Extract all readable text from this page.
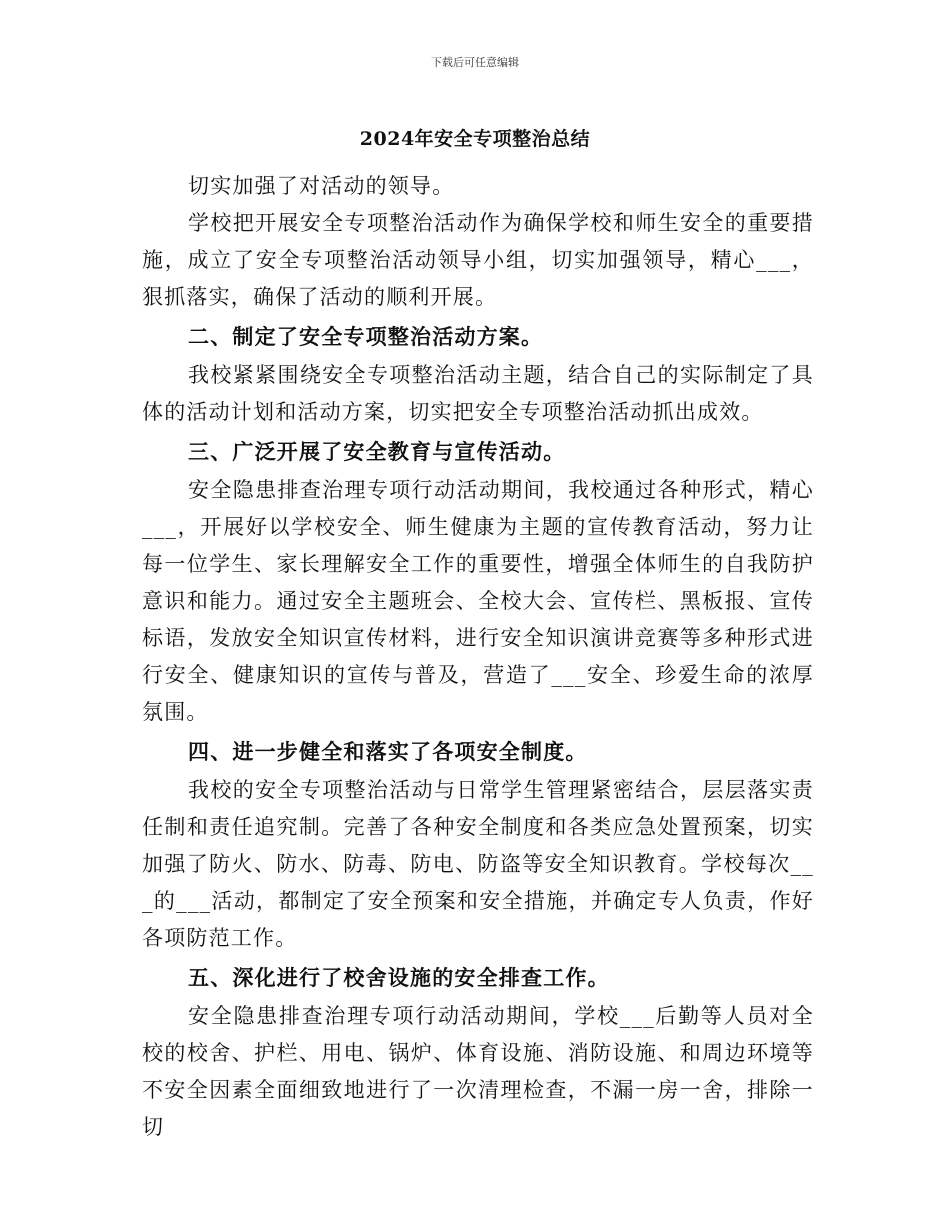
下载后可任意编辑
2024年安全专项整治总结

切实加强了对活动的领导。

学校把开展安全专项整治活动作为确保学校和师生安全的重要措施，成立了安全专项整治活动领导小组，切实加强领导，精心___，狠抓落实，确保了活动的顺利开展。

二、制定了安全专项整治活动方案。

我校紧紧围绕安全专项整治活动主题，结合自己的实际制定了具体的活动计划和活动方案，切实把安全专项整治活动抓出成效。

三、广泛开展了安全教育与宣传活动。

安全隐患排查治理专项行动活动期间，我校通过各种形式，精心___，开展好以学校安全、师生健康为主题的宣传教育活动，努力让每一位学生、家长理解安全工作的重要性，增强全体师生的自我防护意识和能力。通过安全主题班会、全校大会、宣传栏、黑板报、宣传标语，发放安全知识宣传材料，进行安全知识演讲竞赛等多种形式进行安全、健康知识的宣传与普及，营造了___安全、珍爱生命的浓厚氛围。

四、进一步健全和落实了各项安全制度。

我校的安全专项整治活动与日常学生管理紧密结合，层层落实责任制和责任追究制。完善了各种安全制度和各类应急处置预案，切实加强了防火、防水、防毒、防电、防盗等安全知识教育。学校每次___的___活动，都制定了安全预案和安全措施，并确定专人负责，作好各项防范工作。

五、深化进行了校舍设施的安全排查工作。

安全隐患排查治理专项行动活动期间，学校___后勤等人员对全校的校舍、护栏、用电、锅炉、体育设施、消防设施、和周边环境等不安全因素全面细致地进行了一次清理检查，不漏一房一舍，排除一切
